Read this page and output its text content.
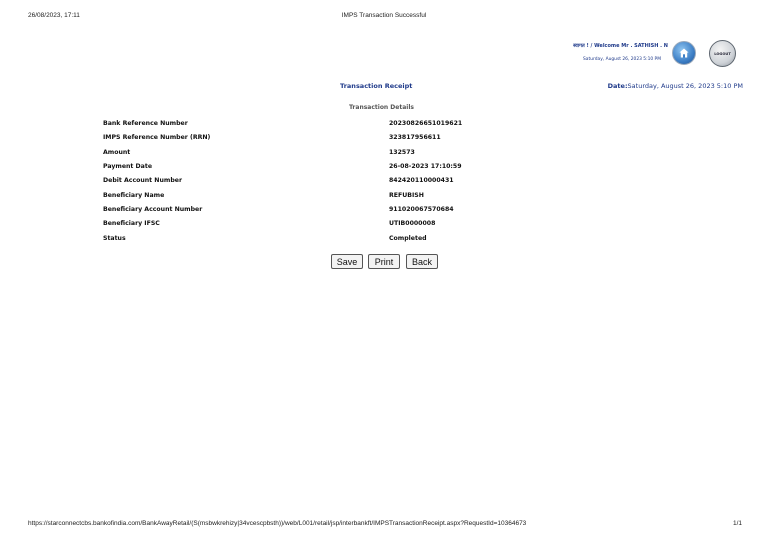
26/08/2023, 17:11	IMPS Transaction Successful
स्वागत ! / Welcome Mr . SATHISH . N
Saturday, August 26, 2023 5:10 PM
LOGOUT
Transaction Receipt	Date:Saturday, August 26, 2023 5:10 PM
Transaction Details
Bank Reference Number	20230826651019621
IMPS Reference Number (RRN)	323817956611
Amount	132573
Payment Date	26-08-2023 17:10:59
Debit Account Number	842420110000431
Beneficiary Name	REFUBISH
Beneficiary Account Number	911020067570684
Beneficiary IFSC	UTIB0000008
Status	Completed
Save	Print	Back
https://starconnectcbs.bankofindia.com/BankAwayRetail/(S(msbwkrehizy|34vcescpbsth))/web/L001/retail/jsp/interbankft/IMPSTransactionReceipt.aspx?RequestId=10364673	1/1
